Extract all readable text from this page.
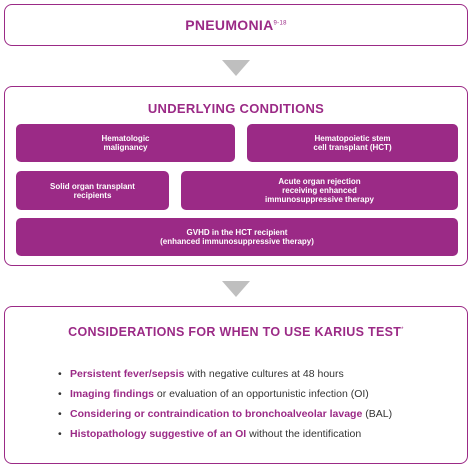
PNEUMONIA$^{9-18}$
UNDERLYING CONDITIONS
Hematologic
malignancy
Hematopoietic stem
cell transplant (HCT)
Solid organ transplant
recipients
Acute organ rejection
receiving enhanced
immunosuppressive therapy
GVHD in the HCT recipient
(enhanced immunosuppressive therapy)
CONSIDERATIONS FOR WHEN TO USE KARIUS TEST*
• Persistent fever/sepsis with negative cultures at 48 hours
• Imaging findings or evaluation of an opportunistic infection (OI)
• Considering or contraindication to bronchoalveolar lavage (BAL)
• Histopathology suggestive of an OI without the identification
